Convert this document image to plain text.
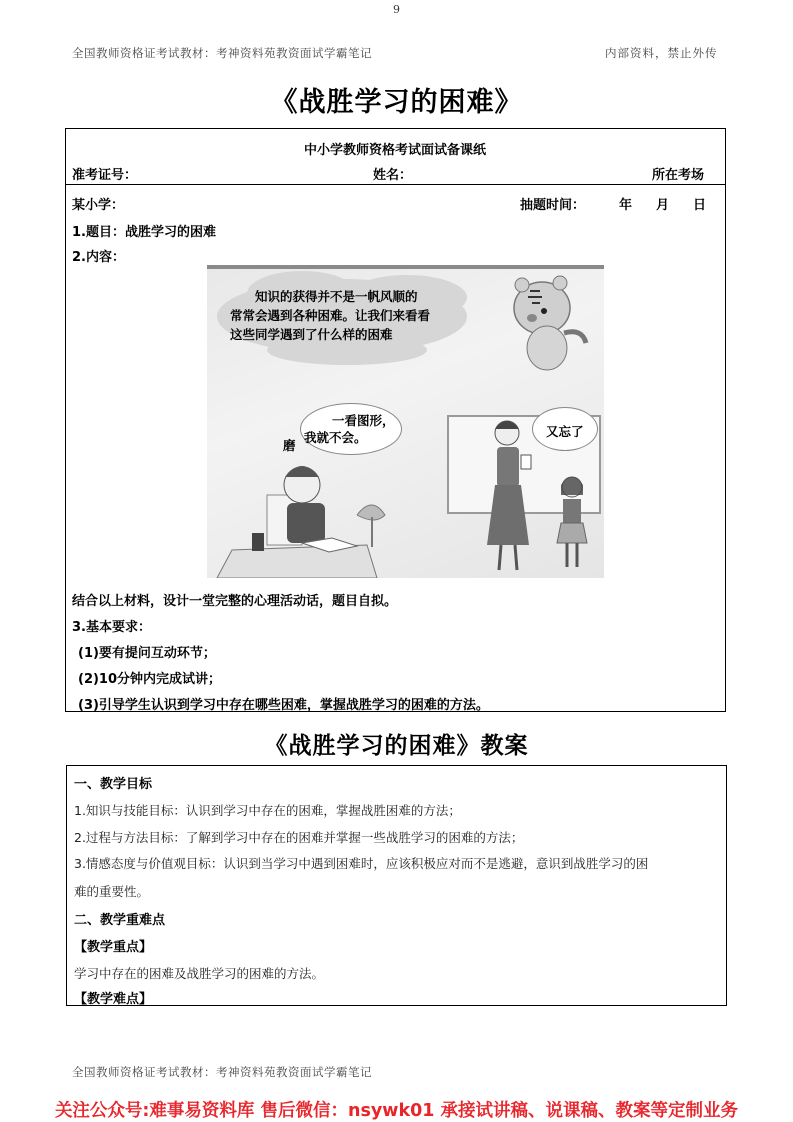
9
全国教师资格证考试教材：考神资料苑教资面试学霸笔记	内部资料，禁止外传
《战胜学习的困难》
中小学教师资格考试面试备课纸
准考证号：	姓名：	所在考场
某小学：	抽题时间：	年 月 日
1.题目：战胜学习的困难
2.内容：
结合以上材料，设计一堂完整的心理活动话，题目自拟。
3.基本要求：
(1)要有提问互动环节；
(2)10分钟内完成试讲；
(3)引导学生认识到学习中存在哪些困难，掌握战胜学习的困难的方法。
知识的获得并不是一帆风顺的
常常会遇到各种困难。让我们来看看
这些同学遇到了什么样的困难
一看图形，
我就不会。
磨
又忘了
《战胜学习的困难》教案
一、教学目标
1.知识与技能目标：认识到学习中存在的困难，掌握战胜困难的方法；
2.过程与方法目标：了解到学习中存在的困难并掌握一些战胜学习的困难的方法；
3.情感态度与价值观目标：认识到当学习中遇到困难时，应该积极应对而不是逃避，意识到战胜学习的困
难的重要性。
二、教学重难点
【教学重点】
学习中存在的困难及战胜学习的困难的方法。
【教学难点】
全国教师资格证考试教材：考神资料苑教资面试学霸笔记
关注公众号:难事易资料库 售后微信：nsywk01 承接试讲稿、说课稿、教案等定制业务
